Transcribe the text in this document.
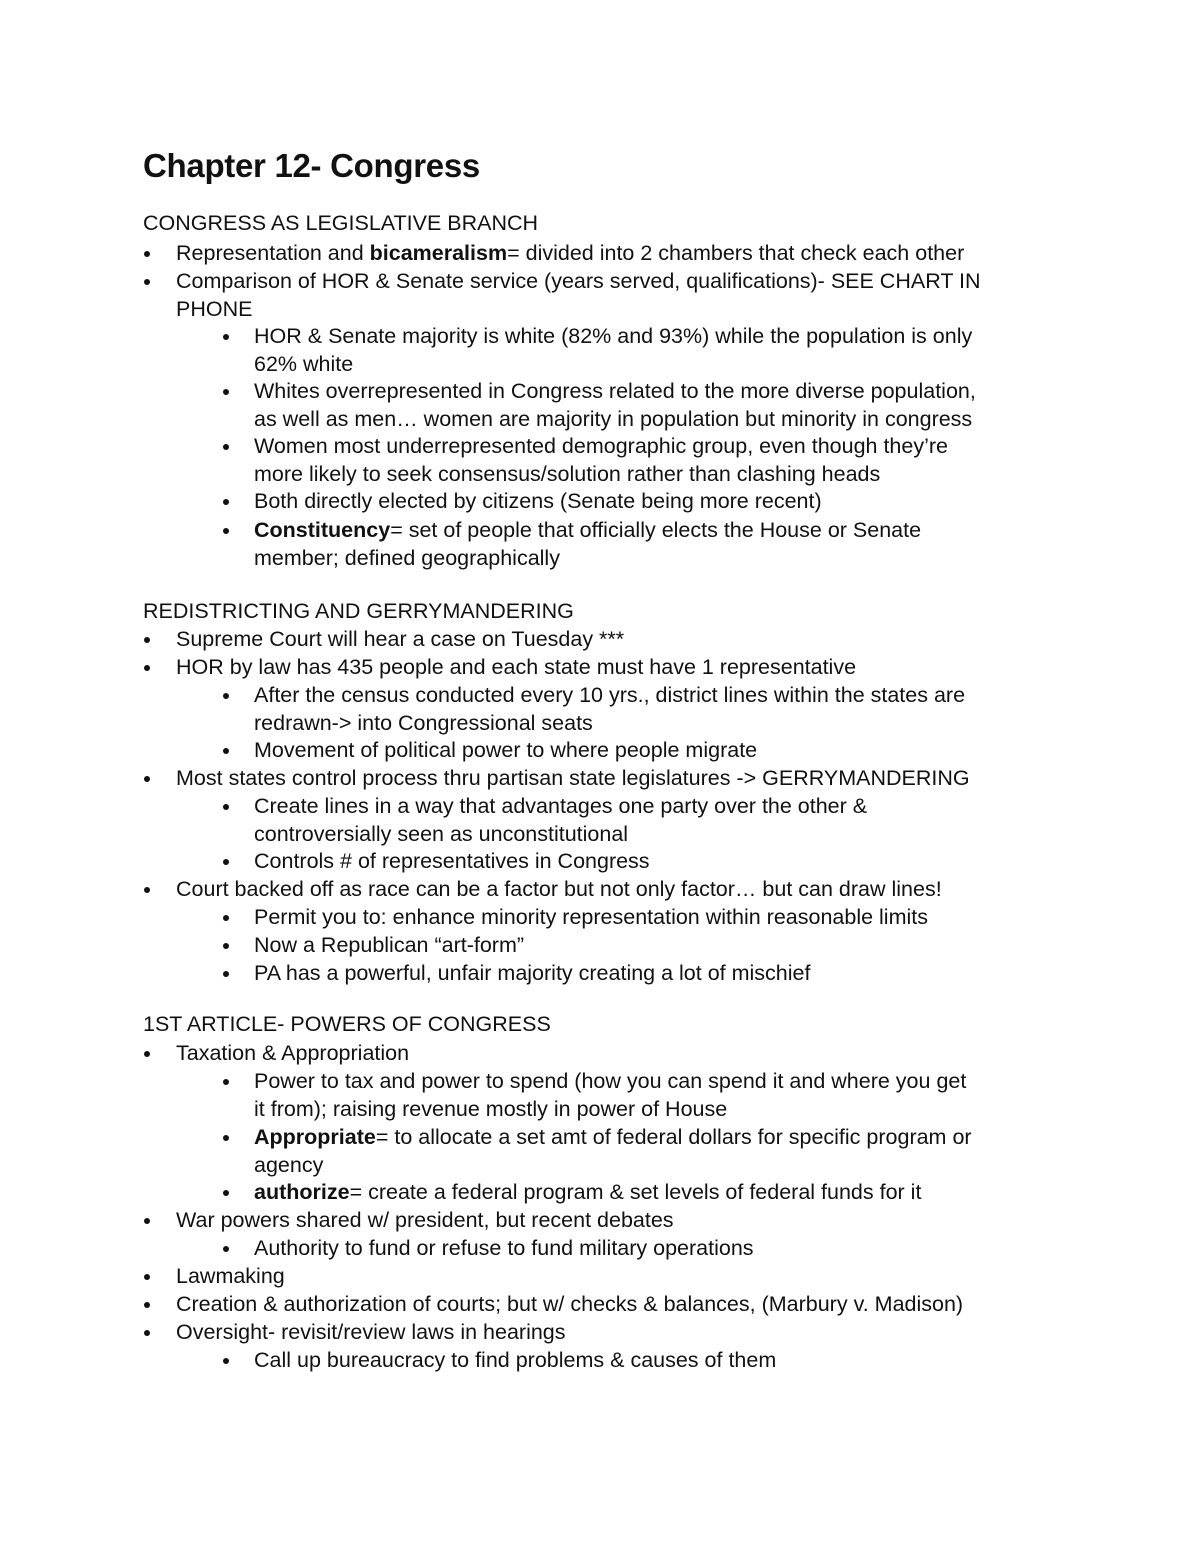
Chapter 12- Congress
CONGRESS AS LEGISLATIVE BRANCH

Representation and bicameralism= divided into 2 chambers that check each other

Comparison of HOR & Senate service (years served, qualifications)- SEE CHART IN
PHONE

HOR & Senate majority is white (82% and 93%) while the population is only
62% white

Whites overrepresented in Congress related to the more diverse population,
as well as men… women are majority in population but minority in congress

Women most underrepresented demographic group, even though they’re
more likely to seek consensus/solution rather than clashing heads

Both directly elected by citizens (Senate being more recent)

Constituency= set of people that officially elects the House or Senate
member; defined geographically

REDISTRICTING AND GERRYMANDERING

Supreme Court will hear a case on Tuesday ***

HOR by law has 435 people and each state must have 1 representative

After the census conducted every 10 yrs., district lines within the states are
redrawn-> into Congressional seats

Movement of political power to where people migrate

Most states control process thru partisan state legislatures -> GERRYMANDERING

Create lines in a way that advantages one party over the other &
controversially seen as unconstitutional

Controls # of representatives in Congress

Court backed off as race can be a factor but not only factor… but can draw lines!

Permit you to: enhance minority representation within reasonable limits

Now a Republican “art-form”

PA has a powerful, unfair majority creating a lot of mischief

1ST ARTICLE- POWERS OF CONGRESS

Taxation & Appropriation

Power to tax and power to spend (how you can spend it and where you get
it from); raising revenue mostly in power of House

Appropriate= to allocate a set amt of federal dollars for specific program or
agency

authorize= create a federal program & set levels of federal funds for it

War powers shared w/ president, but recent debates

Authority to fund or refuse to fund military operations

Lawmaking

Creation & authorization of courts; but w/ checks & balances, (Marbury v. Madison)

Oversight- revisit/review laws in hearings

Call up bureaucracy to find problems & causes of them
